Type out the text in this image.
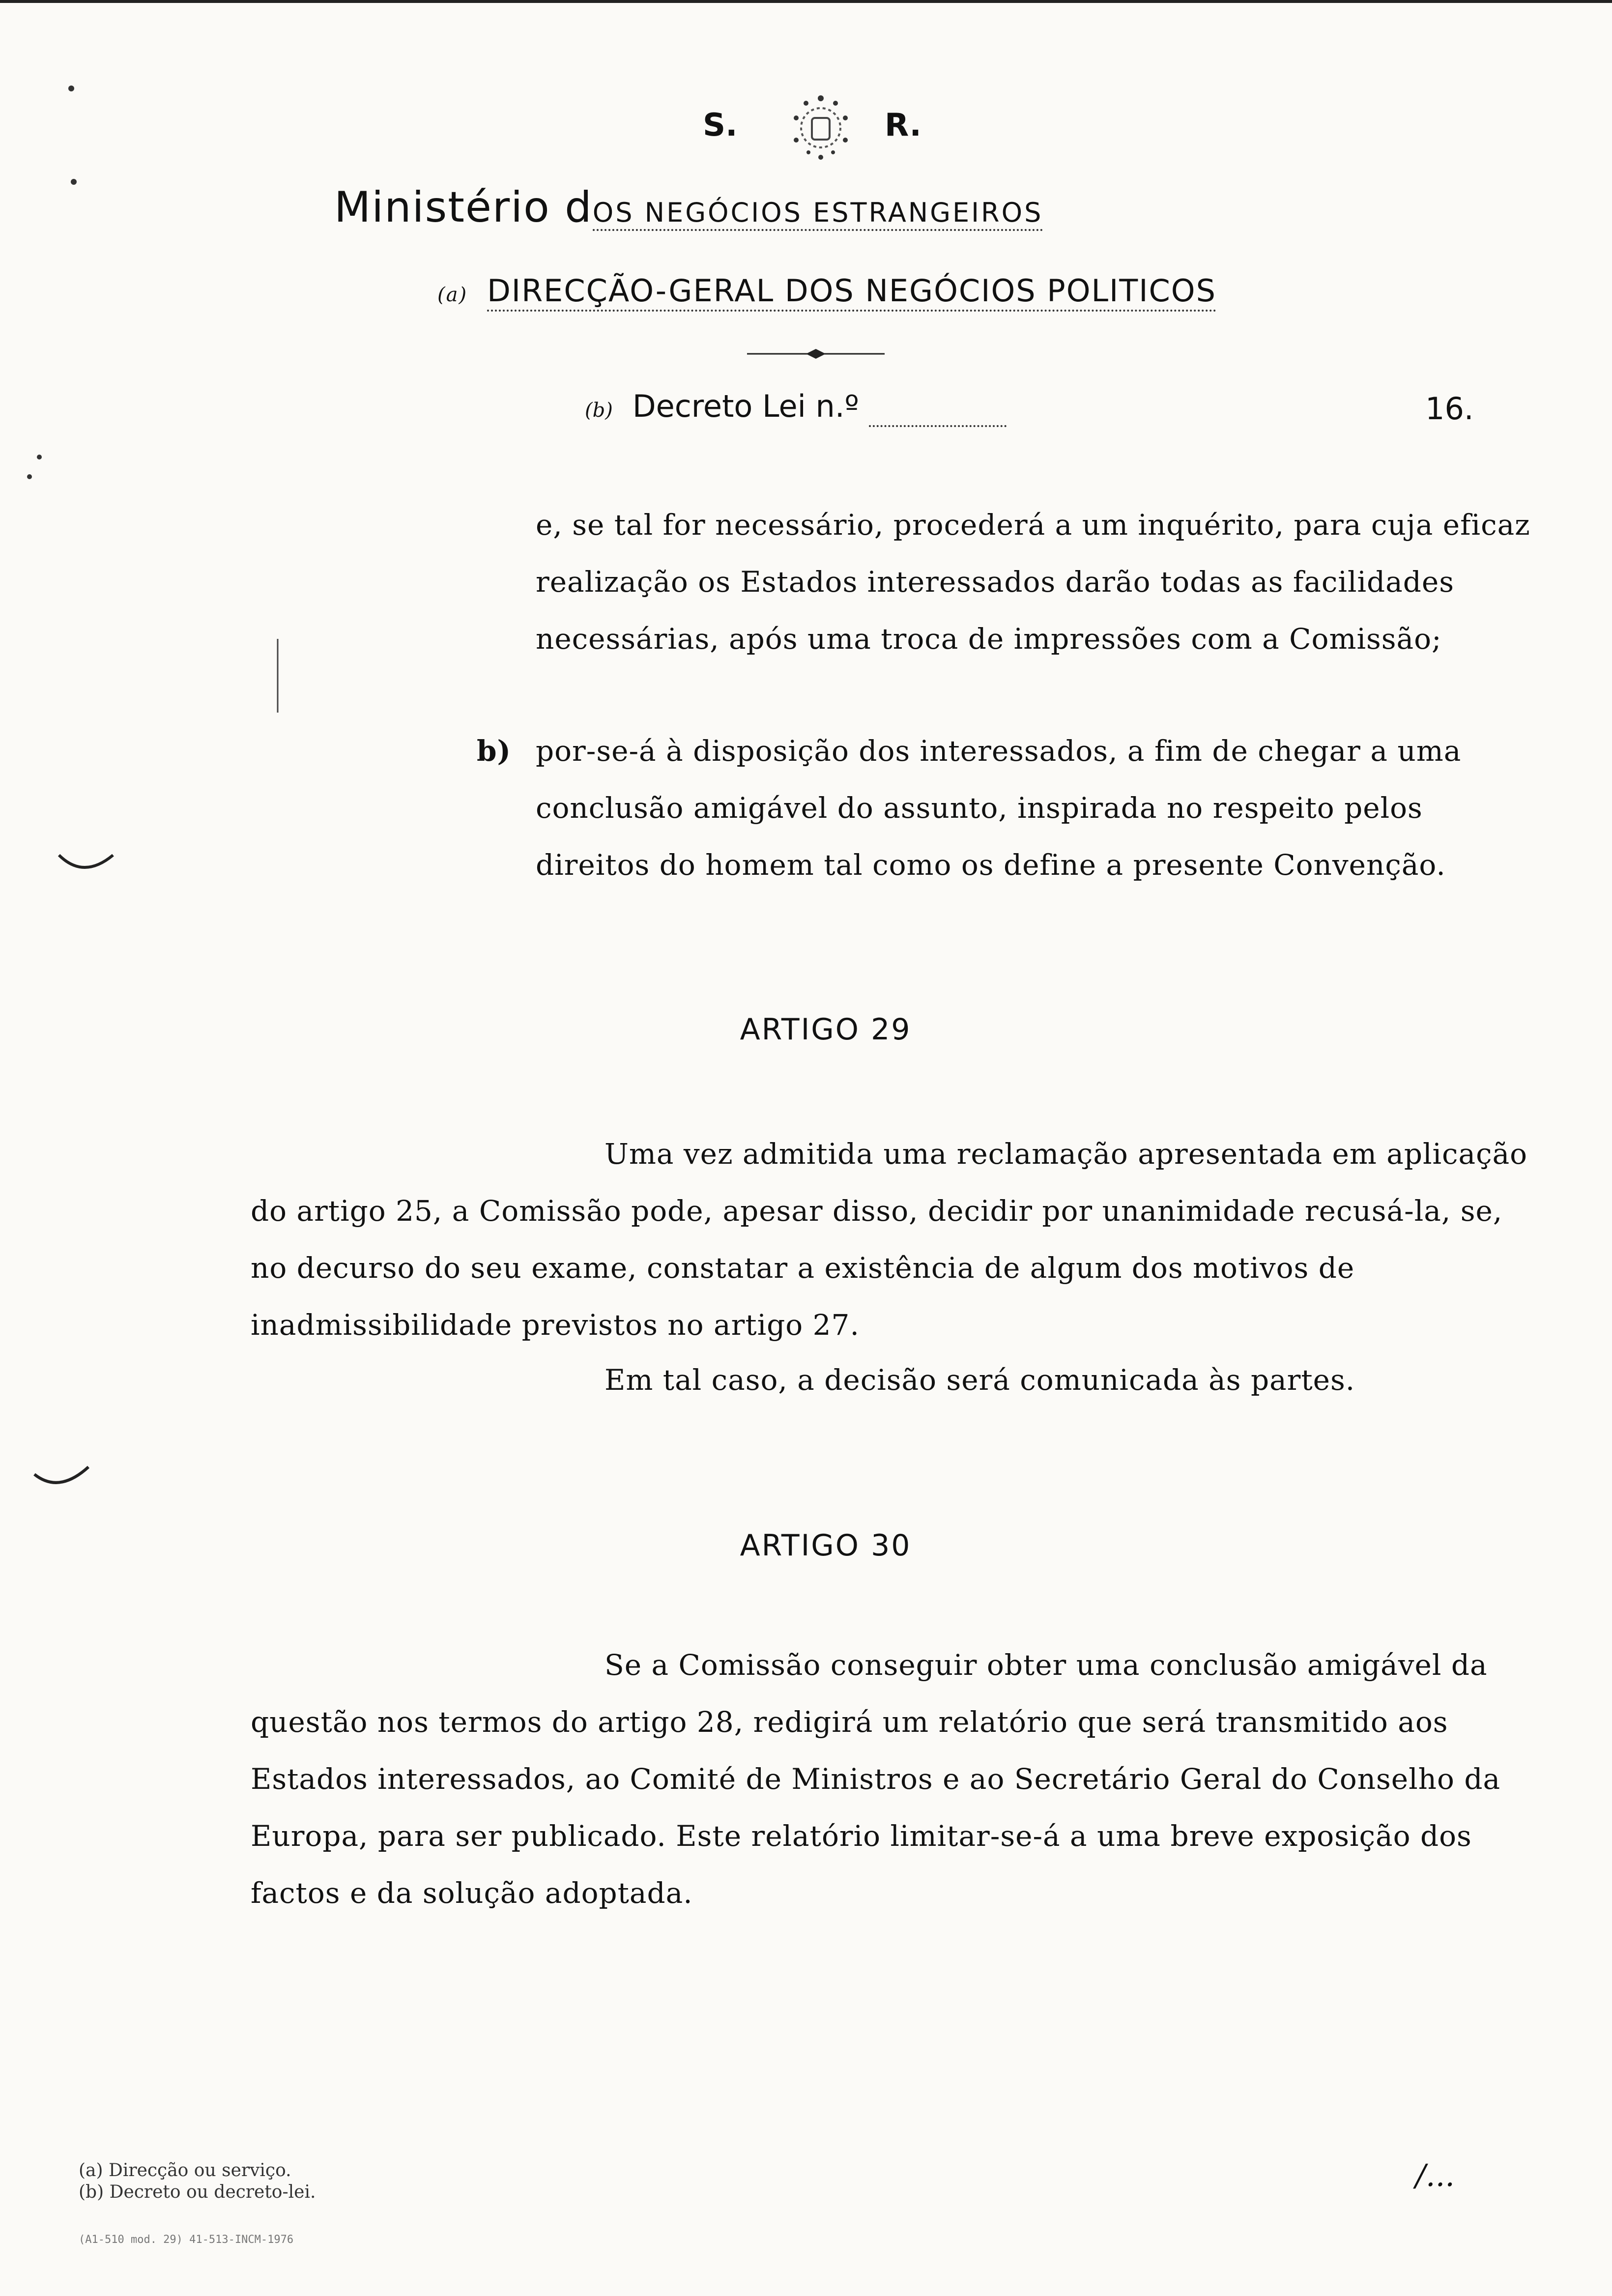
S.	R.
Ministério dOS NEGÓCIOS ESTRANGEIROS
(a) DIRECÇÃO-GERAL DOS NEGÓCIOS POLITICOS
(b) Decreto Lei n.º	16.
e, se tal for necessário, procederá a um inquérito, para cuja eficaz realização os Estados interessados darão todas as facilidades necessárias, após uma troca de impressões com a Comissão;
b) por-se-á à disposição dos interessados, a fim de chegar a uma conclusão amigável do assunto, inspirada no respeito pelos direitos do homem tal como os define a presente Convenção.
ARTIGO 29
Uma vez admitida uma reclamação apresentada em aplicação do artigo 25, a Comissão pode, apesar disso, decidir por unanimidade recusá-la, se, no decurso do seu exame, constatar a existência de algum dos motivos de inadmissibilidade previstos no artigo 27.
Em tal caso, a decisão será comunicada às partes.
ARTIGO 30
Se a Comissão conseguir obter uma conclusão amigável da questão nos termos do artigo 28, redigirá um relatório que será transmitido aos Estados interessados, ao Comité de Ministros e ao Secretário Geral do Conselho da Europa, para ser publicado. Este relatório limitar-se-á a uma breve exposição dos factos e da solução adoptada.
(a) Direcção ou serviço.
(b) Decreto ou decreto-lei.
(A1-510 mod. 29) 41-513-INCM-1976
/...
